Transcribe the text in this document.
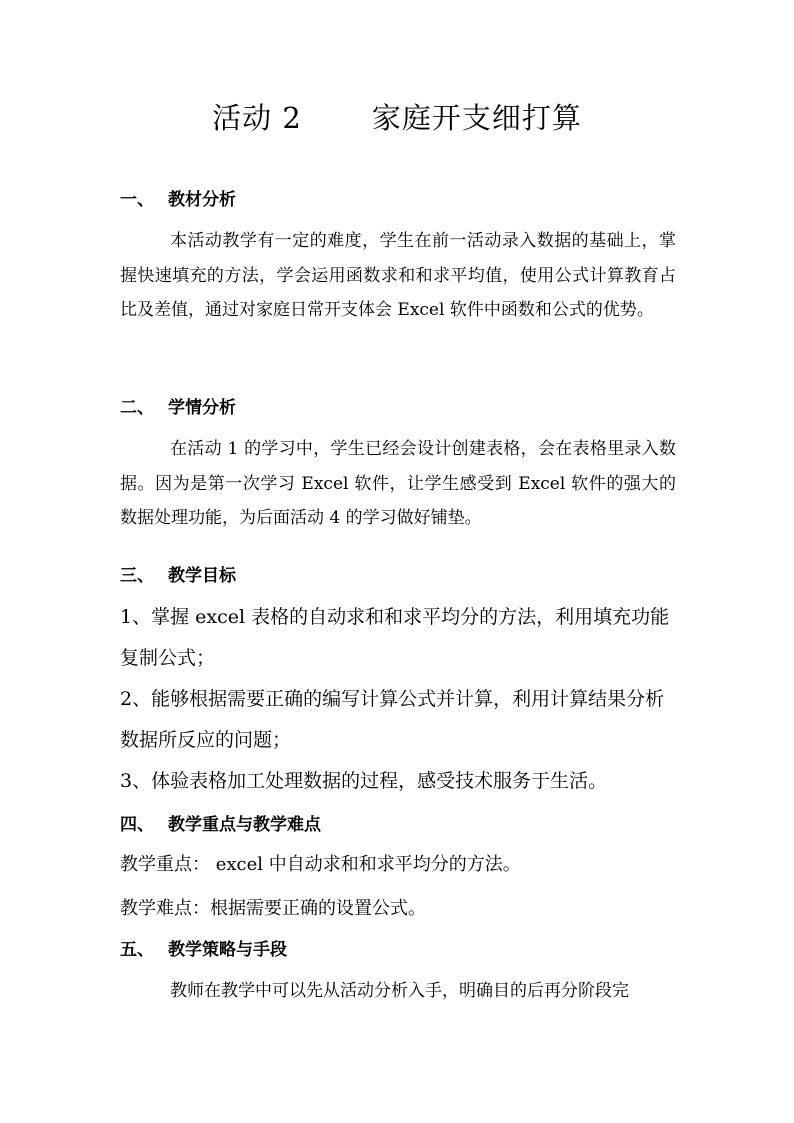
活动 2 家庭开支细打算
一、 教材分析
本活动教学有一定的难度，学生在前一活动录入数据的基础上，掌握快速填充的方法，学会运用函数求和和求平均值，使用公式计算教育占比及差值，通过对家庭日常开支体会 Excel 软件中函数和公式的优势。
二、 学情分析
在活动 1 的学习中，学生已经会设计创建表格，会在表格里录入数据。因为是第一次学习 Excel 软件，让学生感受到 Excel 软件的强大的数据处理功能，为后面活动 4 的学习做好铺垫。
三、 教学目标
1、掌握 excel 表格的自动求和和求平均分的方法，利用填充功能 复制公式；
2、能够根据需要正确的编写计算公式并计算，利用计算结果分析数据所反应的问题；
3、体验表格加工处理数据的过程，感受技术服务于生活。
四、 教学重点与教学难点
教学重点： excel 中自动求和和求平均分的方法。
教学难点：根据需要正确的设置公式。
五、 教学策略与手段
教师在教学中可以先从活动分析入手，明确目的后再分阶段完
